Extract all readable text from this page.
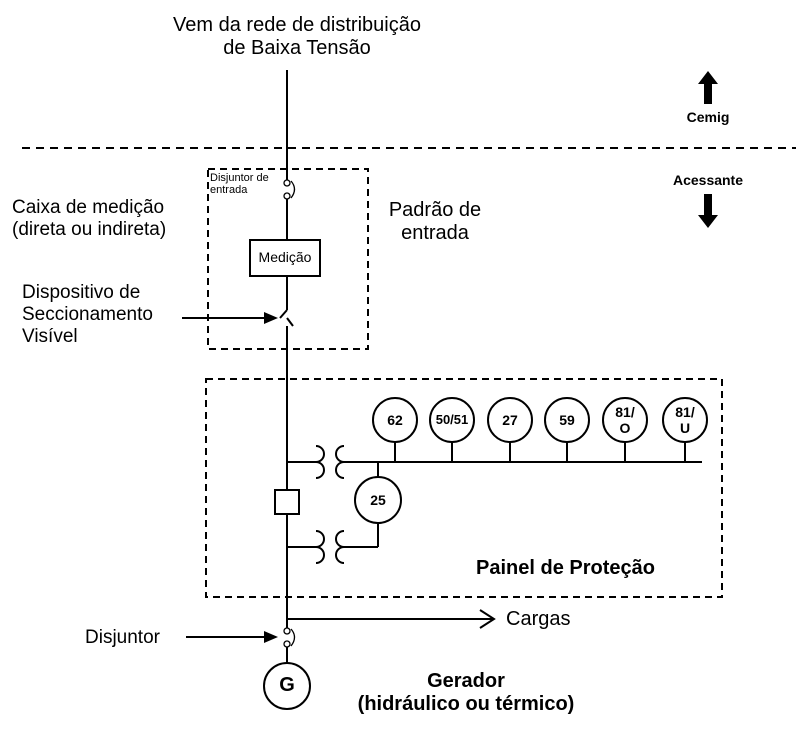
Vem da rede de distribuição
de Baixa Tensão
Cemig
Acessante
Disjuntor de
entrada
Medição
Caixa de medição
(direta ou indireta)
Padrão de
entrada
Dispositivo de
Seccionamento
Visível
62	50/51	27	59	81/
O
81/
U
25
Painel de Proteção
Cargas
Disjuntor
G	Gerador
(hidráulico ou térmico)
